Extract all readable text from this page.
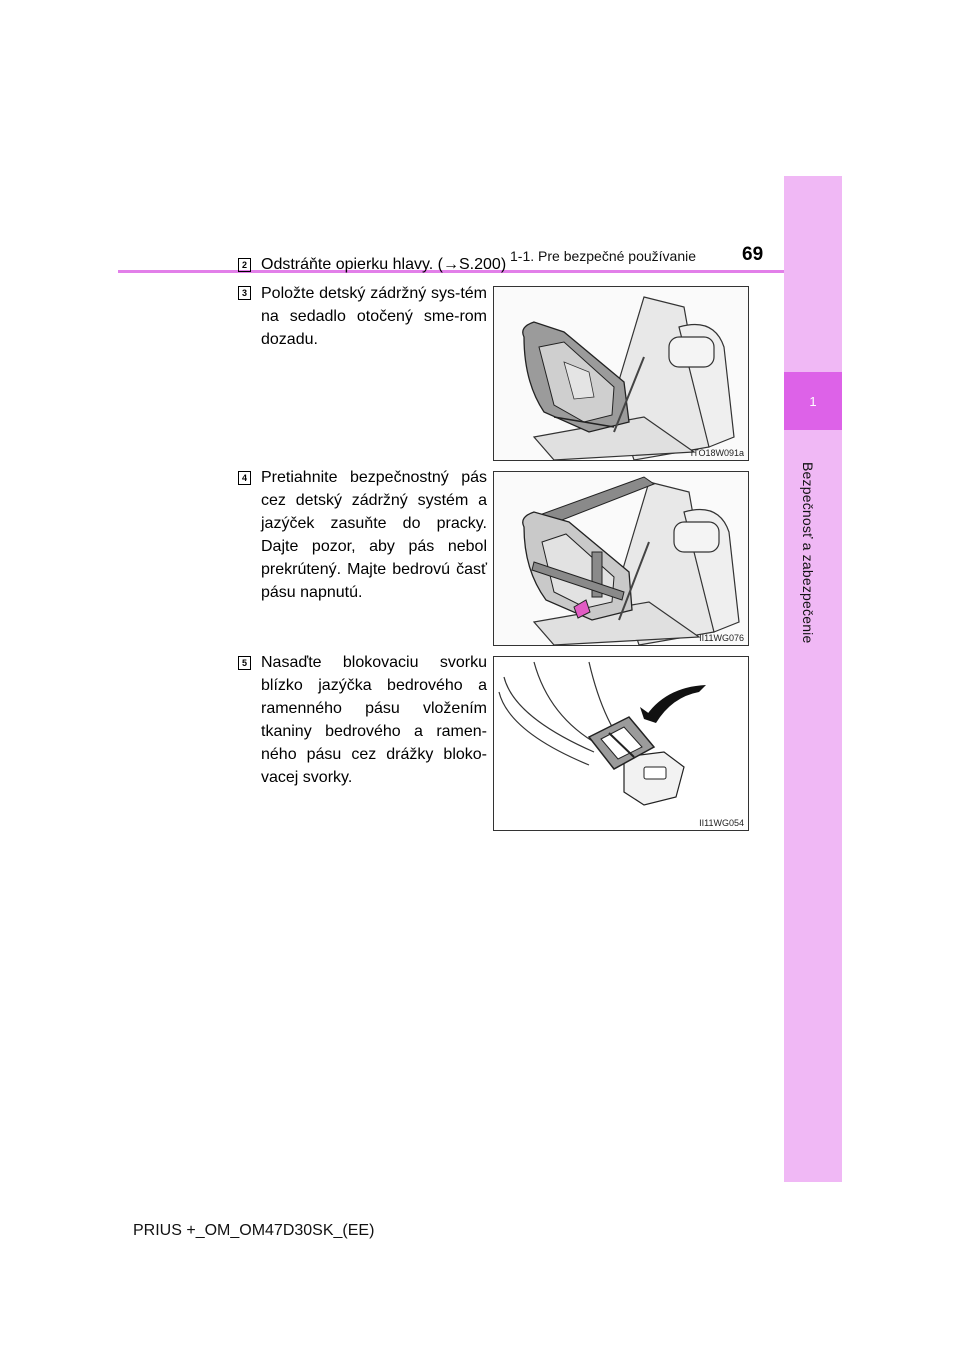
1-1. Pre bezpečné používanie 69
1
Bezpečnosť a zabezpečenie
2 Odstráňte opierku hlavy. (→S.200)
3 Položte detský zádržný sys-tém na sedadlo otočený sme-rom dozadu.
ITO18W091a
4 Pretiahnite bezpečnostný pás cez detský zádržný systém a jazýček zasuňte do pracky. Dajte pozor, aby pás nebol prekrútený. Majte bedrovú časť pásu napnutú.
II11WG076
5 Nasaďte blokovaciu svorku blízko jazýčka bedrového a ramenného pásu vložením tkaniny bedrového a ramen-ného pásu cez drážky bloko-vacej svorky.
II11WG054
PRIUS +_OM_OM47D30SK_(EE)
